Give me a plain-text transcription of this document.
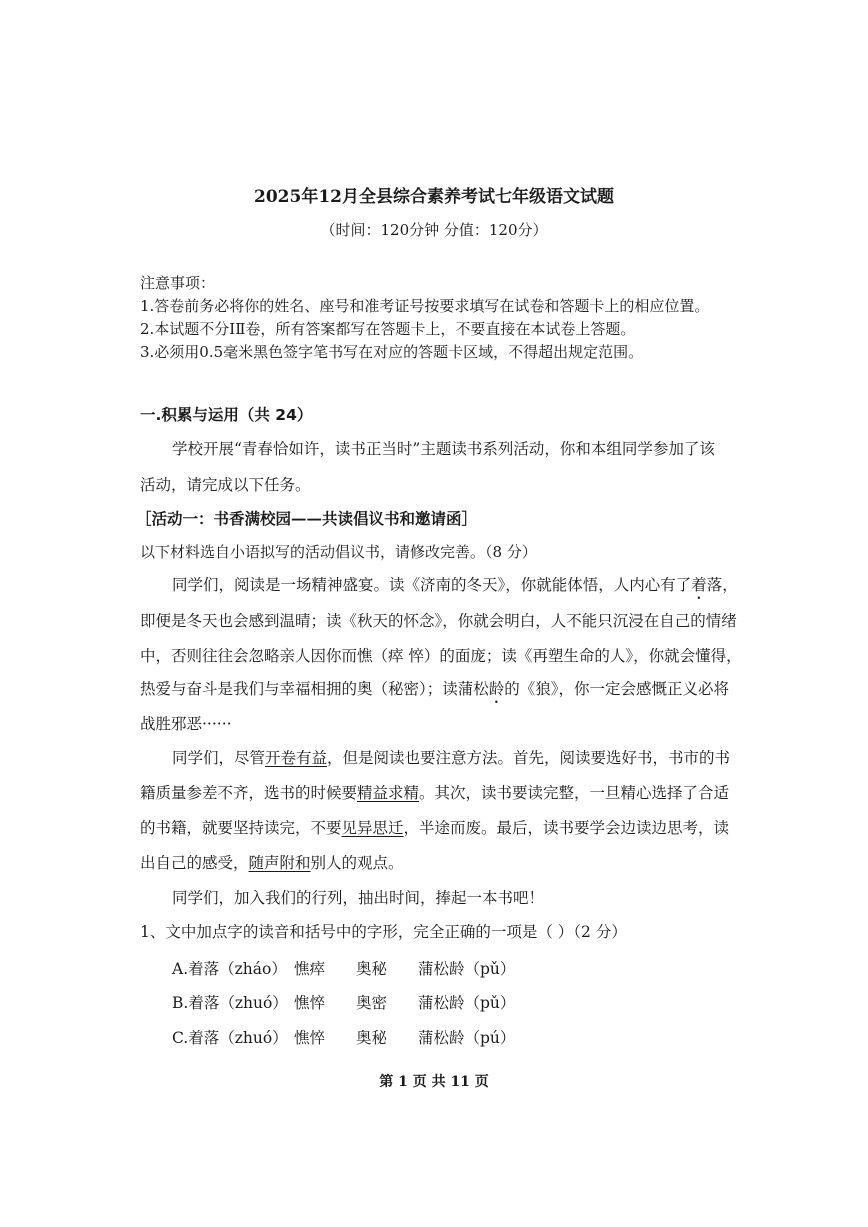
2025年12月全县综合素养考试七年级语文试题
（时间：120分钟 分值：120分）
注意事项：
1.答卷前务必将你的姓名、座号和准考证号按要求填写在试卷和答题卡上的相应位置。
2.本试题不分ⅠⅡ卷，所有答案都写在答题卡上，不要直接在本试卷上答题。
3.必须用0.5毫米黑色签字笔书写在对应的答题卡区域，不得超出规定范围。
一.积累与运用（共 24）
学校开展“青春恰如许，读书正当时”主题读书系列活动，你和本组同学参加了该
活动，请完成以下任务。
［活动一：书香满校园——共读倡议书和邀请函］
以下材料选自小语拟写的活动倡议书，请修改完善。（8 分）
同学们，阅读是一场精神盛宴。读《济南的冬天》，你就能体悟，人内心有了着落，
即便是冬天也会感到温晴；读《秋天的怀念》，你就会明白，人不能只沉浸在自己的情绪
中，否则往往会忽略亲人因你而憔（瘁 悴）的面庞；读《再塑生命的人》，你就会懂得，
热爱与奋斗是我们与幸福相拥的奥（秘密）；读蒲松龄的《狼》，你一定会感慨正义必将
战胜邪恶······
同学们，尽管开卷有益，但是阅读也要注意方法。首先，阅读要选好书，书市的书
籍质量参差不齐，选书的时候要精益求精。其次，读书要读完整，一旦精心选择了合适
的书籍，就要坚持读完，不要见异思迁，半途而废。最后，读书要学会边读边思考，读
出自己的感受，随声附和别人的观点。
同学们，加入我们的行列，抽出时间，捧起一本书吧！
1、文中加点字的读音和括号中的字形，完全正确的一项是（ ）（2 分）
A.着落（zháo） 憔瘁 奥秘 蒲松龄（pǔ）
B.着落（zhuó） 憔悴 奥密 蒲松龄（pǔ）
C.着落（zhuó） 憔悴 奥秘 蒲松龄（pú）
第 1 页 共 11 页
